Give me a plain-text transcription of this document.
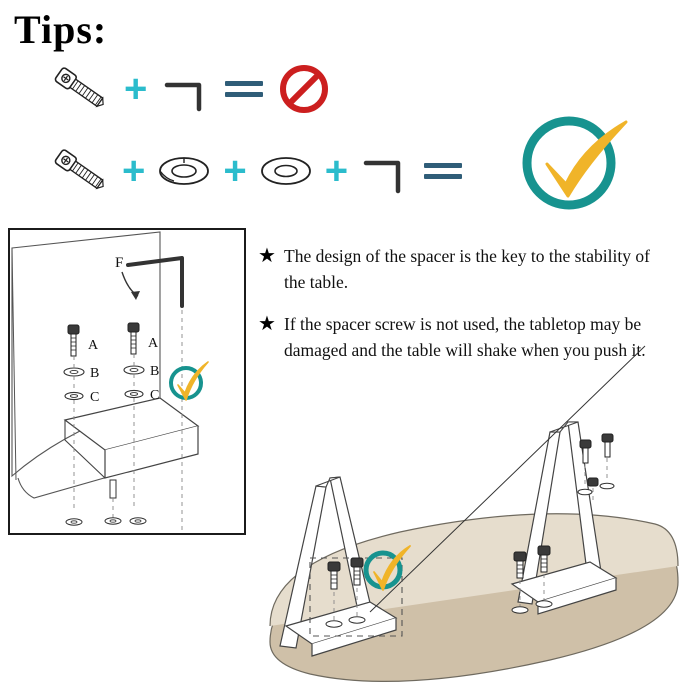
Tips:
+
+ + +
F
A	A
B	B
C	C
★ The design of the spacer is the key to the stability of the table.
★ If the spacer screw is not used, the tabletop may be damaged and the table will shake when you push it.
